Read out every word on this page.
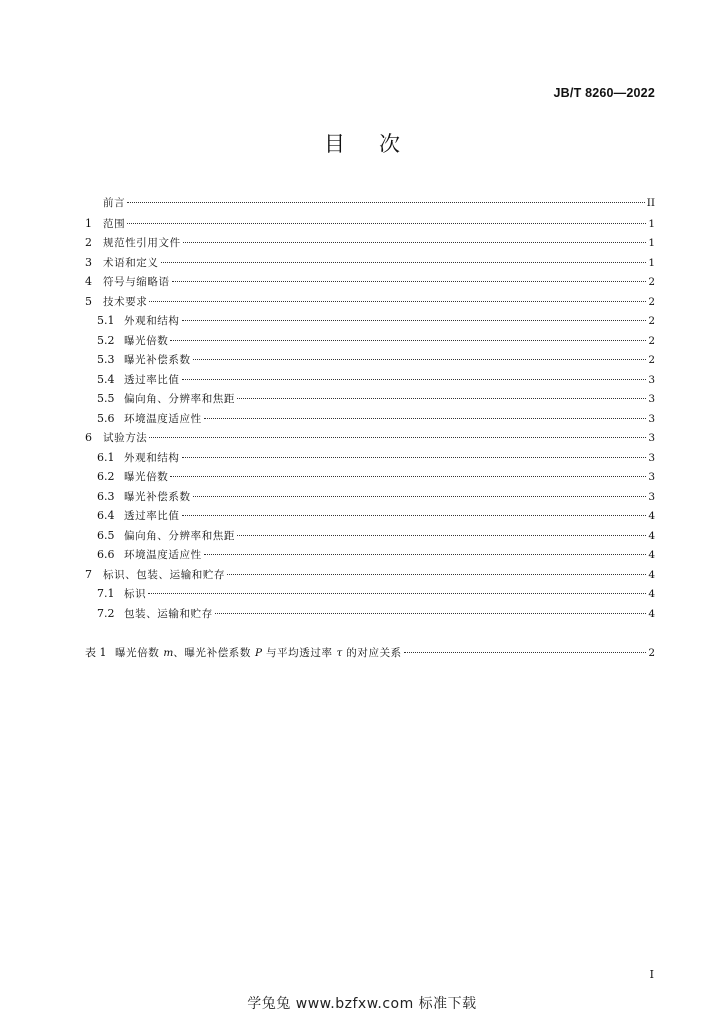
JB/T 8260—2022
目次
前言	II
1	范围	1
2	规范性引用文件	1
3	术语和定义	1
4	符号与缩略语	2
5	技术要求	2
5.1 外观和结构	2
5.2 曝光倍数	2
5.3 曝光补偿系数	2
5.4 透过率比值	3
5.5 偏向角、分辨率和焦距	3
5.6 环境温度适应性	3
6	试验方法	3
6.1 外观和结构	3
6.2 曝光倍数	3
6.3 曝光补偿系数	3
6.4 透过率比值	4
6.5 偏向角、分辨率和焦距	4
6.6 环境温度适应性	4
7	标识、包装、运输和贮存	4
7.1 标识	4
7.2 包装、运输和贮存	4
表 1 曝光倍数 m、曝光补偿系数 P 与平均透过率 τ 的对应关系	2
I
学兔兔 www.bzfxw.com 标准下载
